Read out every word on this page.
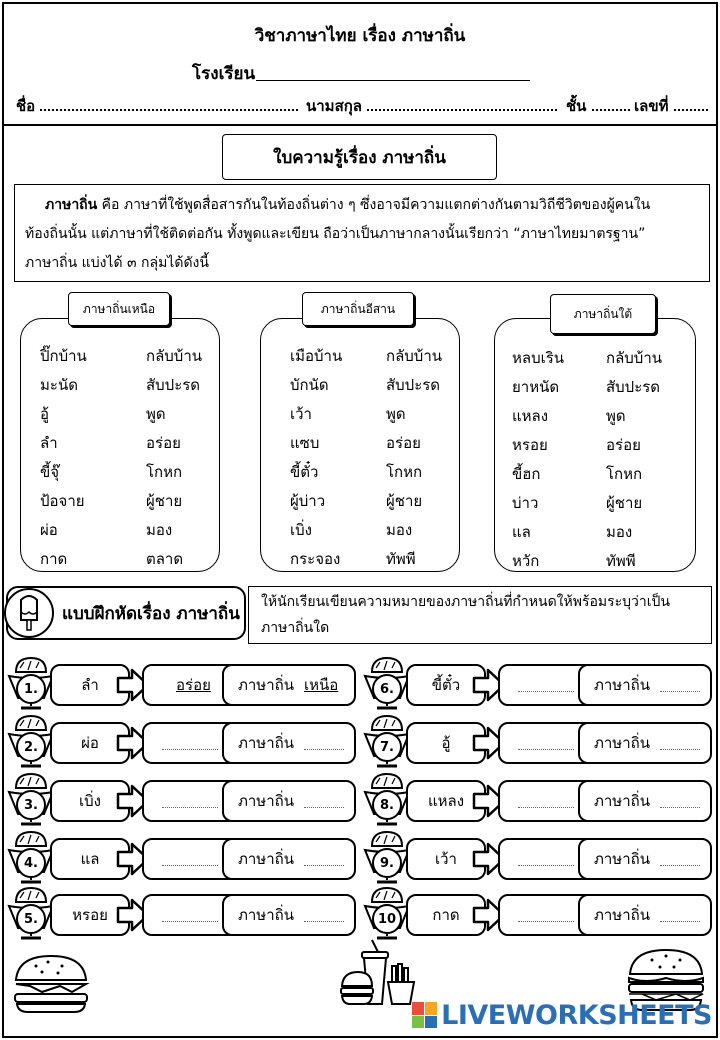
วิชาภาษาไทย เรื่อง ภาษาถิ่น
โรงเรียน
ชื่อ	นามสกุล	ชั้น	เลขที่
ใบความรู้เรื่อง ภาษาถิ่น
ภาษาถิ่น คือ ภาษาที่ใช้พูดสื่อสารกันในท้องถิ่นต่าง ๆ ซึ่งอาจมีความแตกต่างกันตามวิถีชีวิตของผู้คนใน
ท้องถิ่นนั้น แต่ภาษาที่ใช้ติดต่อกัน ทั้งพูดและเขียน ถือว่าเป็นภาษากลางนั้นเรียกว่า “ภาษาไทยมาตรฐาน”
ภาษาถิ่น แบ่งได้ ๓ กลุ่มได้ดังนี้
ภาษาถิ่นเหนือ	ภาษาถิ่นอีสาน	ภาษาถิ่นใต้
แบบฝึกหัดเรื่อง ภาษาถิ่น
ให้นักเรียนเขียนความหมายของภาษาถิ่นที่กำหนดให้พร้อมระบุว่าเป็น
ภาษาถิ่นใด
LIVEWORKSHEETS
ปิ๊กบ้าน	กลับบ้าน
มะนัด	สับปะรด
อู้	พูด
ลำ	อร่อย
ขี้จุ๊	โกหก
ป้อจาย	ผู้ชาย
ผ่อ	มอง
กาด	ตลาด
เมือบ้าน	กลับบ้าน
บักนัด	สับปะรด
เว้า	พูด
แซบ	อร่อย
ขี้ตั๋ว	โกหก
ผู้บ่าว	ผู้ชาย
เบิ่ง	มอง
กระจอง	ทัพพี
หลบเริน	กลับบ้าน
ยาหนัด	สับปะรด
แหลง	พูด
หรอย	อร่อย
ขี้ฮก	โกหก
บ่าว	ผู้ชาย
แล	มอง
หวัก	ทัพพี
1.	ลำ	อร่อย ภาษาถิ่น เหนือ
2.	ผ่อ	ภาษาถิ่น
3.	เบิ่ง	ภาษาถิ่น
4.	แล	ภาษาถิ่น
5.	หรอย	ภาษาถิ่น
6.	ขี้ตั๋ว	ภาษาถิ่น
7.	อู้	ภาษาถิ่น
8.	แหลง	ภาษาถิ่น
9.	เว้า	ภาษาถิ่น
10	กาด	ภาษาถิ่น
